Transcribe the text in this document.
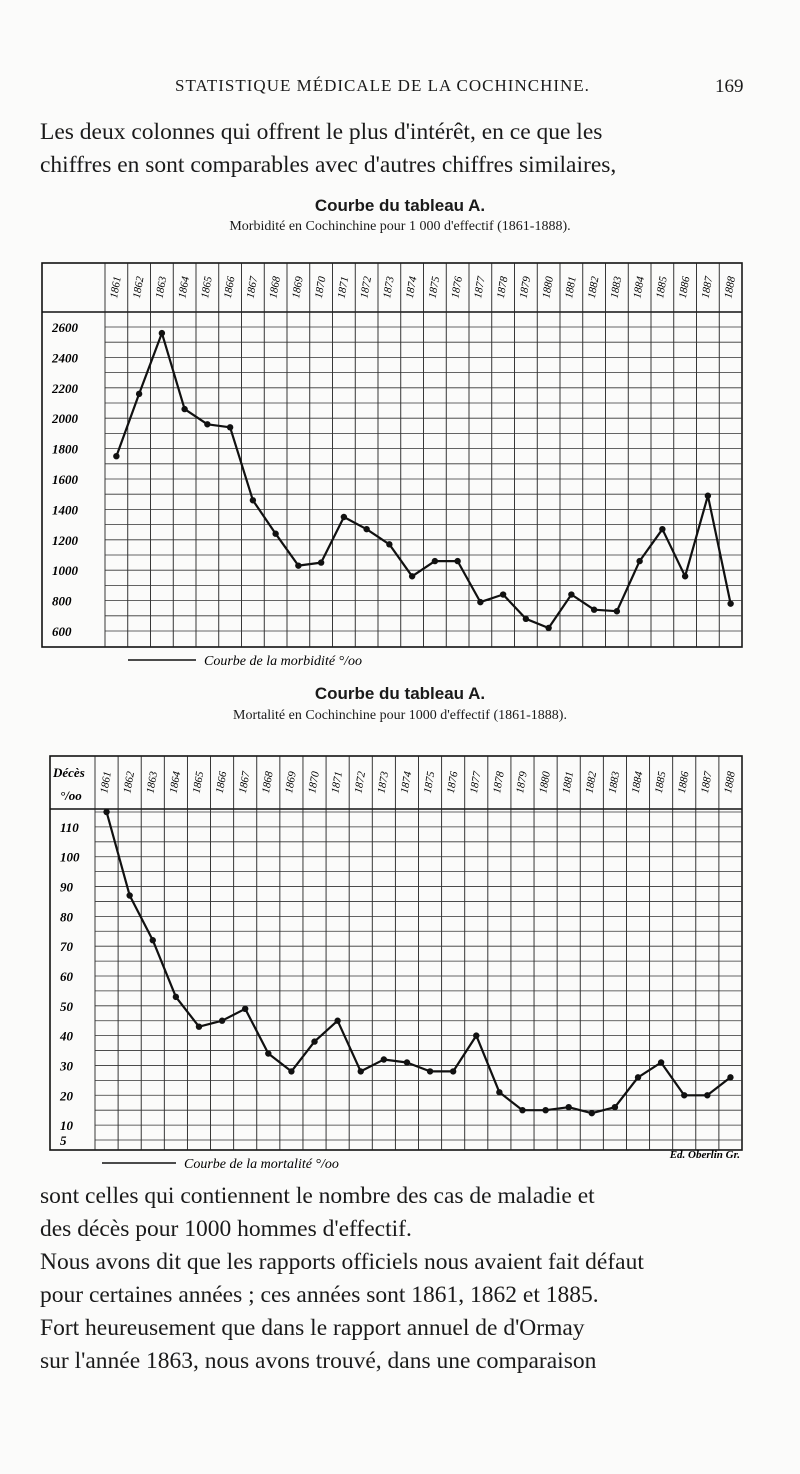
STATISTIQUE MÉDICALE DE LA COCHINCHINE.	169
Les deux colonnes qui offrent le plus d'intérêt, en ce que les
chiffres en sont comparables avec d'autres chiffres similaires,
Courbe du tableau A.
Morbidité en Cochinchine pour 1 000 d'effectif (1861-1888).
1861 1862 1863 1864 1865 1866 1867 1868 1869 1870 1871 1872 1873 1874 1875 1876 1877 1878 1879 1880 1881 1882 1883 1884 1885 1886 1887 1888
2600
2400
2200
2000
1800
1600
1400
1200
1000
800
600
Courbe de la morbidité °/oo
Courbe du tableau A.
Mortalité en Cochinchine pour 1000 d'effectif (1861-1888).
1861 1862 1863 1864 1865 1866 1867 1868 1869 1870 1871 1872 1873 1874 1875 1876 1877 1878 1879 1880 1881 1882 1883 1884 1885 1886 1887 1888
110
100
90
80
70
60
50
40
30
20
10
5
Courbe de la mortalité °/oo
Décès
°/oo
Ed. Oberlin Gr.
sont celles qui contiennent le nombre des cas de maladie et
des décès pour 1000 hommes d'effectif.
Nous avons dit que les rapports officiels nous avaient fait défaut
pour certaines années ; ces années sont 1861, 1862 et 1885.
Fort heureusement que dans le rapport annuel de d'Ormay
sur l'année 1863, nous avons trouvé, dans une comparaison
